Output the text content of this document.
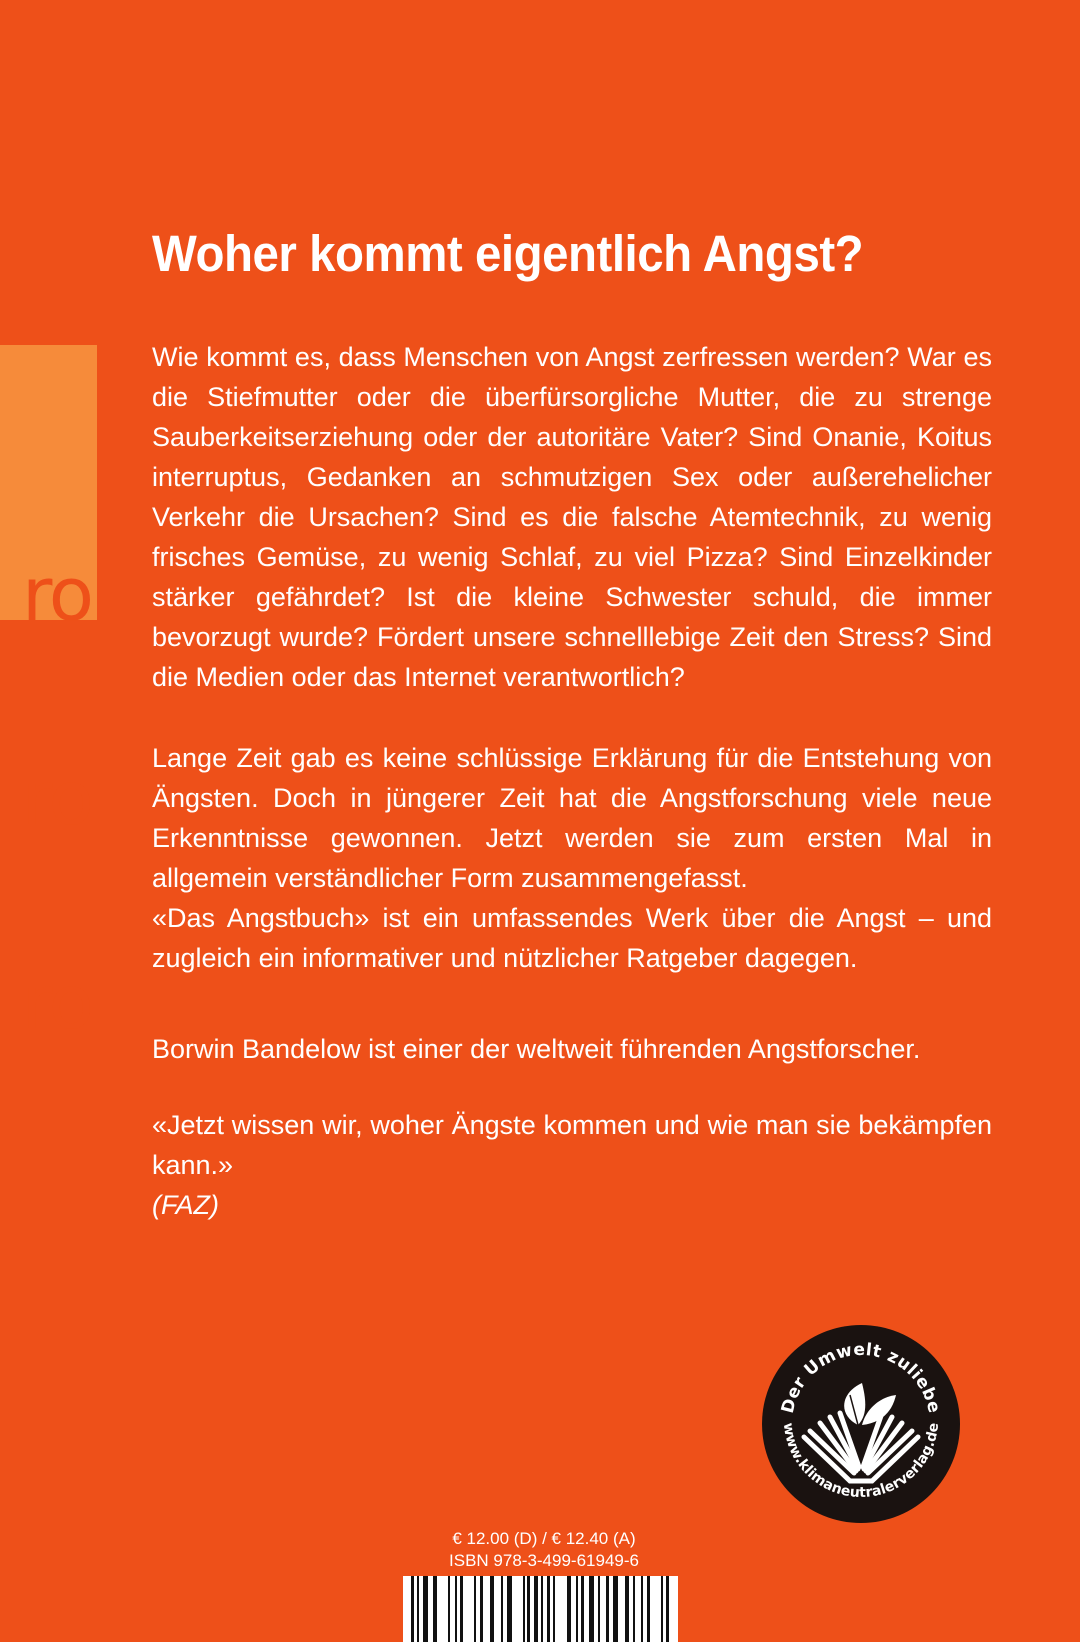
ro

ro

ro

Woher kommt eigentlich Angst?

Wie kommt es, dass Menschen von Angst zerfressen werden? War es die Stiefmutter oder die überfürsorgliche Mutter, die zu strenge Sauberkeitserziehung oder der autoritäre Vater? Sind Onanie, Koitus interruptus, Gedanken an schmutzigen Sex oder außerehelicher Verkehr die Ursachen? Sind es die falsche Atemtechnik, zu wenig frisches Gemüse, zu wenig Schlaf, zu viel Pizza? Sind Einzelkinder stärker gefährdet? Ist die kleine Schwester schuld, die immer bevorzugt wurde? Fördert unsere schnelllebige Zeit den Stress? Sind die Medien oder das Internet verantwortlich?

Lange Zeit gab es keine schlüssige Erklärung für die Entstehung von Ängsten. Doch in jüngerer Zeit hat die Angstforschung viele neue Erkenntnisse gewonnen. Jetzt werden sie zum ersten Mal in allgemein verständlicher Form zusammengefasst.
«Das Angstbuch» ist ein umfassendes Werk über die Angst – und zugleich ein informativer und nützlicher Ratgeber dagegen.

Borwin Bandelow ist einer der weltweit führenden Angstforscher.

«Jetzt wissen wir, woher Ängste kommen und wie man sie bekämpfen kann.»
(FAZ)
Der Umwelt zuliebe
www.klimaneutralerverlag.de
€ 12.00 (D) / € 12.40 (A)
ISBN 978-3-499-61949-6
